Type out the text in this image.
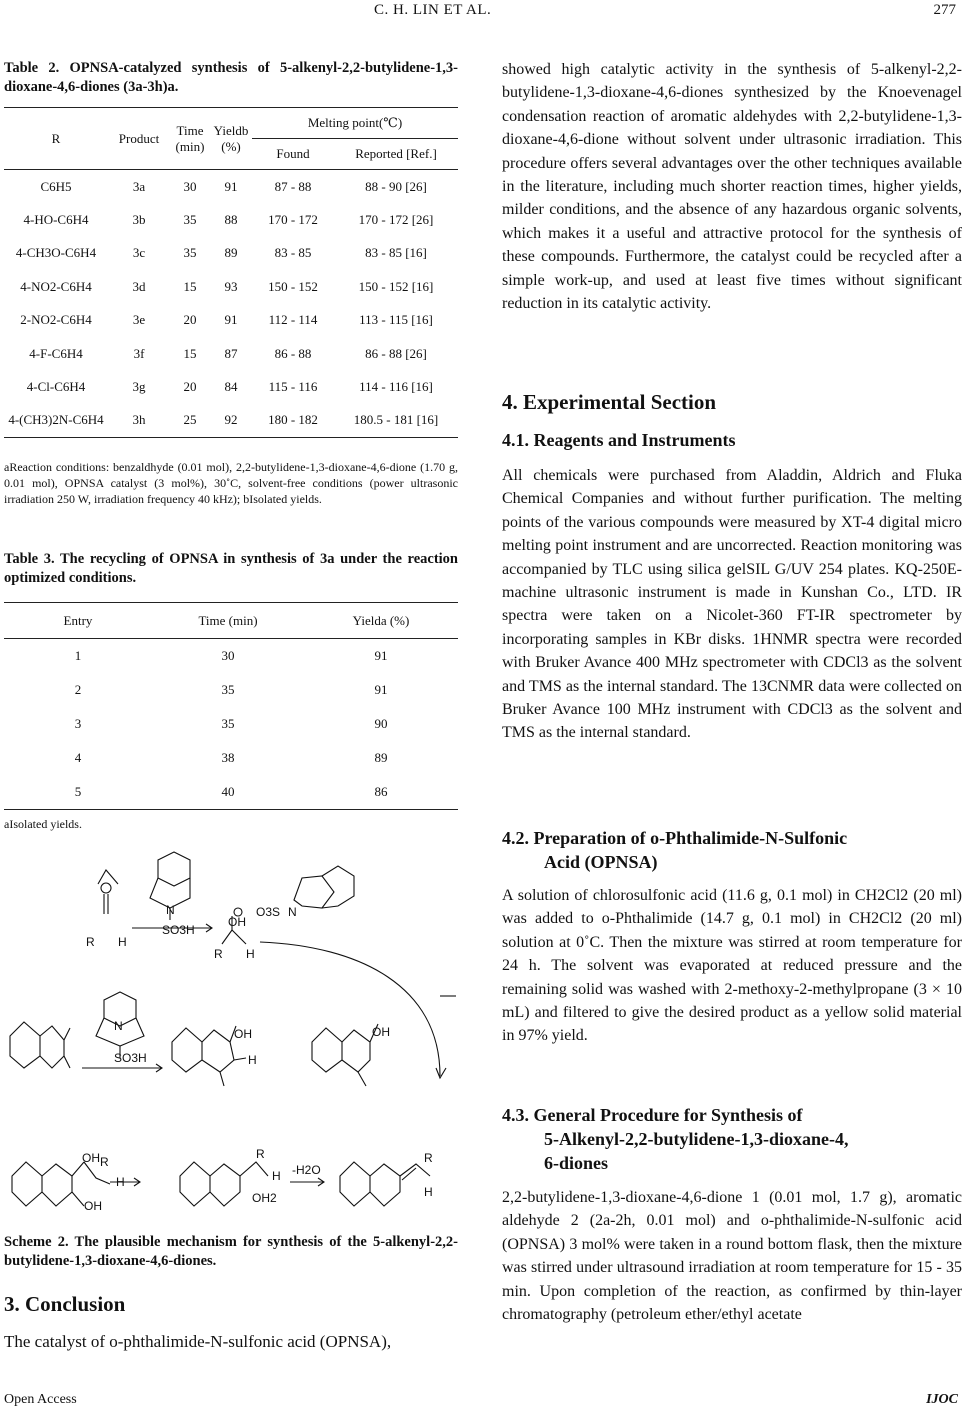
C. H. LIN ET AL.	277
Table 2. OPNSA-catalyzed synthesis of 5-alkenyl-2,2-butylidene-1,3-dioxane-4,6-diones (3a-3h)a.
R	Product	Time (min)	Yieldb (%)	Melting point(℃)	
				Found	Reported [Ref.]
C6H5	3a	30	91	87 - 88	88 - 90 [26]
4-HO-C6H4	3b	35	88	170 - 172	170 - 172 [26]
4-CH3O-C6H4	3c	35	89	83 - 85	83 - 85 [16]
4-NO2-C6H4	3d	15	93	150 - 152	150 - 152 [16]
2-NO2-C6H4	3e	20	91	112 - 114	113 - 115 [16]
4-F-C6H4	3f	15	87	86 - 88	86 - 88 [26]
4-Cl-C6H4	3g	20	84	115 - 116	114 - 116 [16]
4-(CH3)2N-C6H4	3h	25	92	180 - 182	180.5 - 181 [16]
aReaction conditions: benzaldhyde (0.01 mol), 2,2-butylidene-1,3-dioxane-4,6-dione (1.70 g, 0.01 mol), OPNSA catalyst (3 mol%), 30˚C, solvent-free conditions (power ultrasonic irradiation 250 W, irradiation frequency 40 kHz); bIsolated yields.
Table 3. The recycling of OPNSA in synthesis of 3a under the reaction optimized conditions.
Entry	Time (min)	Yielda (%)
1	30	91
2	35	91
3	35	90
4	38	89
5	40	86
aIsolated yields.
R H
N
SO3H
OH
R H
O3S N
N
SO3H
OH
H
OH
OH R
H
OH
R
H
OH2
-H2O
R
H
Scheme 2. The plausible mechanism for synthesis of the 5-alkenyl-2,2-butylidene-1,3-dioxane-4,6-diones.
3. Conclusion
The catalyst of o-phthalimide-N-sulfonic acid (OPNSA),
showed high catalytic activity in the synthesis of 5-alkenyl-2,2-butylidene-1,3-dioxane-4,6-diones synthesized by the Knoevenagel condensation reaction of aromatic aldehydes with 2,2-butylidene-1,3-dioxane-4,6-dione without solvent under ultrasonic irradiation. This procedure offers several advantages over the other techniques available in the literature, including much shorter reaction times, higher yields, milder conditions, and the absence of any hazardous organic solvents, which makes it a useful and attractive protocol for the synthesis of these compounds. Furthermore, the catalyst could be recycled after a simple work-up, and used at least five times without significant reduction in its catalytic activity.
4. Experimental Section
4.1. Reagents and Instruments
All chemicals were purchased from Aladdin, Aldrich and Fluka Chemical Companies and without further purification. The melting points of the various compounds were measured by XT-4 digital micro melting point instrument and are uncorrected. Reaction monitoring was accompanied by TLC using silica gelSIL G/UV 254 plates. KQ-250E-machine ultrasonic instrument is made in Kunshan Co., LTD. IR spectra were taken on a Nicolet-360 FT-IR spectrometer by incorporating samples in KBr disks. 1HNMR spectra were recorded with Bruker Avance 400 MHz spectrometer with CDCl3 as the solvent and TMS as the internal standard. The 13CNMR data were collected on Bruker Avance 100 MHz instrument with CDCl3 as the solvent and TMS as the internal standard.
4.2. Preparation of o-Phthalimide-N-Sulfonic
Acid (OPNSA)
A solution of chlorosulfonic acid (11.6 g, 0.1 mol) in CH2Cl2 (20 ml) was added to o-Phthalimide (14.7 g, 0.1 mol) in CH2Cl2 (20 ml) solution at 0˚C. Then the mixture was stirred at room temperature for 24 h. The solvent was evaporated at reduced pressure and the remaining solid was washed with 2-methoxy-2-methylpropane (3 × 10 mL) and filtered to give the desired product as a yellow solid material in 97% yield.
4.3. General Procedure for Synthesis of
5-Alkenyl-2,2-butylidene-1,3-dioxane-4,
6-diones
2,2-butylidene-1,3-dioxane-4,6-dione 1 (0.01 mol, 1.7 g), aromatic aldehyde 2 (2a-2h, 0.01 mol) and o-phthalimide-N-sulfonic acid (OPNSA) 3 mol% were taken in a round bottom flask, then the mixture was stirred under ultrasound irradiation at room temperature for 15 - 35 min. Upon completion of the reaction, as confirmed by thin-layer chromatography (petroleum ether/ethyl acetate
Open Access	IJOC
